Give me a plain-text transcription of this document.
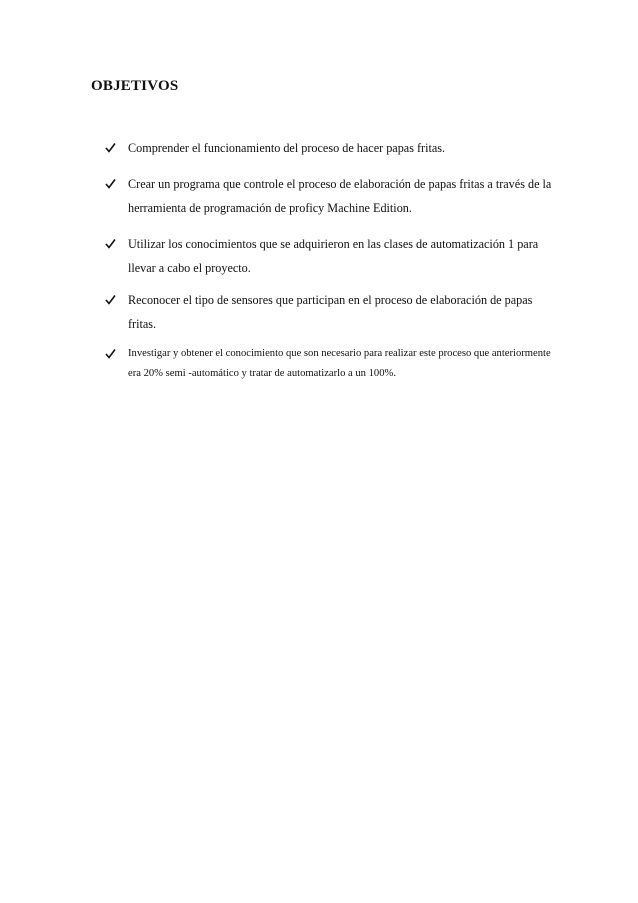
OBJETIVOS
Comprender el funcionamiento del proceso de hacer papas fritas.
Crear un programa que controle el proceso de elaboración de papas fritas a través de la herramienta de programación de proficy Machine Edition.
Utilizar los conocimientos que se adquirieron en las clases de automatización 1 para llevar a cabo el proyecto.
Reconocer el tipo de sensores que participan en el proceso de elaboración de papas fritas.
Investigar y obtener el conocimiento que son necesario para realizar este proceso que anteriormente era 20% semi -automático y tratar de automatizarlo a un 100%.
